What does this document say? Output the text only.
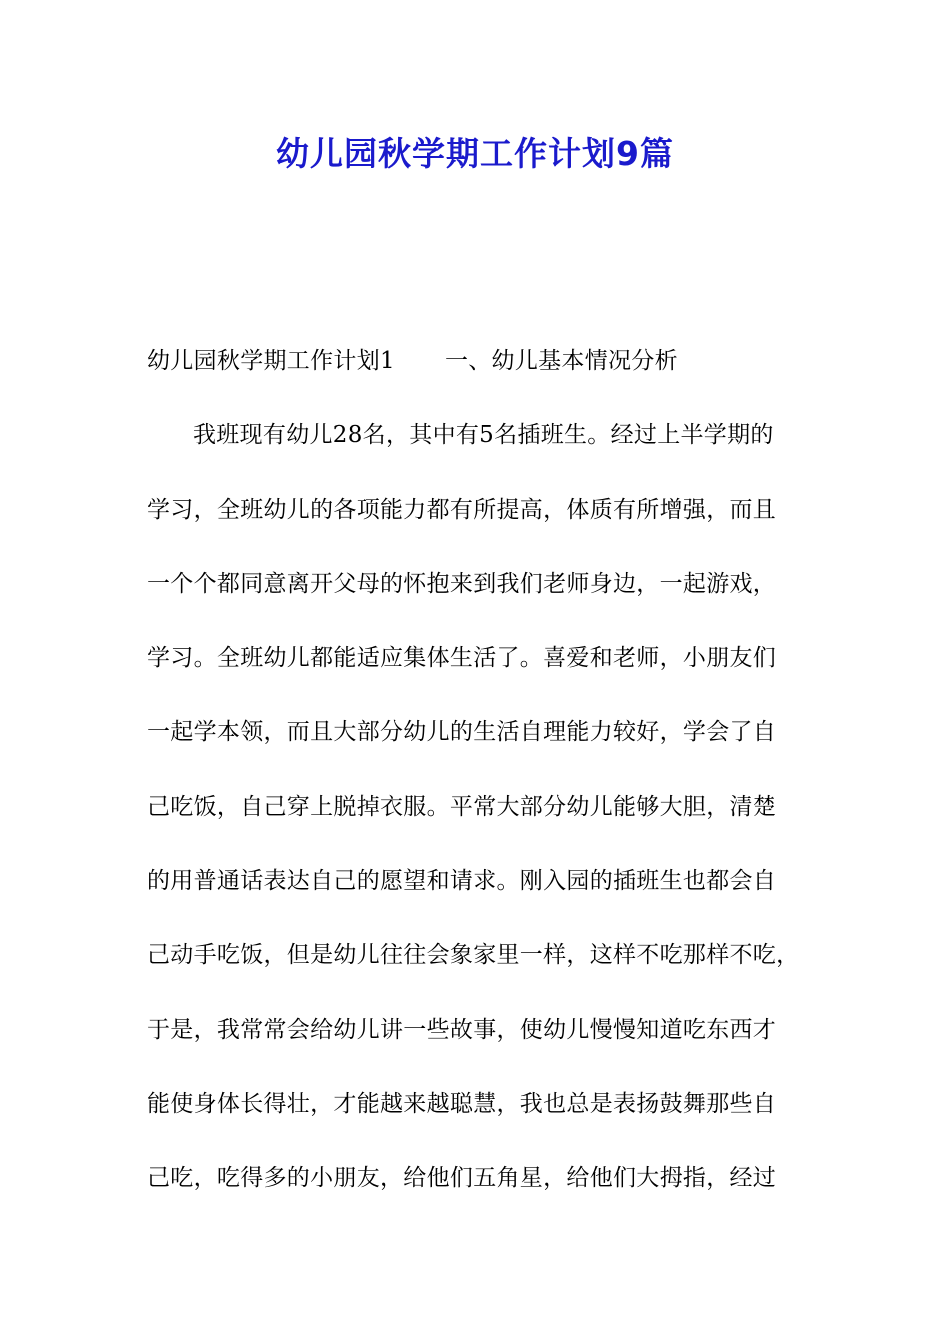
幼儿园秋学期工作计划9篇
幼儿园秋学期工作计划1 一、幼儿基本情况分析
我班现有幼儿28名，其中有5名插班生。经过上半学期的
学习，全班幼儿的各项能力都有所提高，体质有所增强，而且
一个个都同意离开父母的怀抱来到我们老师身边，一起游戏，
学习。全班幼儿都能适应集体生活了。喜爱和老师，小朋友们
一起学本领，而且大部分幼儿的生活自理能力较好，学会了自
己吃饭，自己穿上脱掉衣服。平常大部分幼儿能够大胆，清楚
的用普通话表达自己的愿望和请求。刚入园的插班生也都会自
己动手吃饭，但是幼儿往往会象家里一样，这样不吃那样不吃，
于是，我常常会给幼儿讲一些故事，使幼儿慢慢知道吃东西才
能使身体长得壮，才能越来越聪慧，我也总是表扬鼓舞那些自
己吃，吃得多的小朋友，给他们五角星，给他们大拇指，经过
